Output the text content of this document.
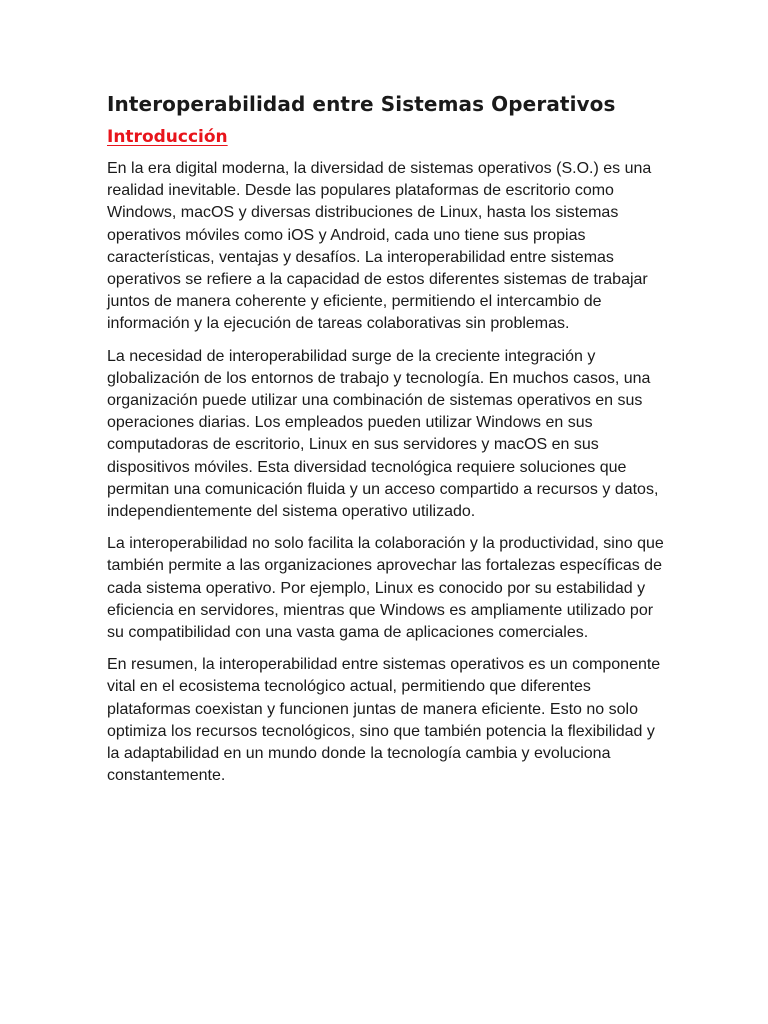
Interoperabilidad entre Sistemas Operativos
Introducción

En la era digital moderna, la diversidad de sistemas operativos (S.O.) es una realidad inevitable. Desde las populares plataformas de escritorio como Windows, macOS y diversas distribuciones de Linux, hasta los sistemas operativos móviles como iOS y Android, cada uno tiene sus propias características, ventajas y desafíos. La interoperabilidad entre sistemas operativos se refiere a la capacidad de estos diferentes sistemas de trabajar juntos de manera coherente y eficiente, permitiendo el intercambio de información y la ejecución de tareas colaborativas sin problemas.

La necesidad de interoperabilidad surge de la creciente integración y globalización de los entornos de trabajo y tecnología. En muchos casos, una organización puede utilizar una combinación de sistemas operativos en sus operaciones diarias. Los empleados pueden utilizar Windows en sus computadoras de escritorio, Linux en sus servidores y macOS en sus dispositivos móviles. Esta diversidad tecnológica requiere soluciones que permitan una comunicación fluida y un acceso compartido a recursos y datos, independientemente del sistema operativo utilizado.

La interoperabilidad no solo facilita la colaboración y la productividad, sino que también permite a las organizaciones aprovechar las fortalezas específicas de cada sistema operativo. Por ejemplo, Linux es conocido por su estabilidad y eficiencia en servidores, mientras que Windows es ampliamente utilizado por su compatibilidad con una vasta gama de aplicaciones comerciales.

En resumen, la interoperabilidad entre sistemas operativos es un componente vital en el ecosistema tecnológico actual, permitiendo que diferentes plataformas coexistan y funcionen juntas de manera eficiente. Esto no solo optimiza los recursos tecnológicos, sino que también potencia la flexibilidad y la adaptabilidad en un mundo donde la tecnología cambia y evoluciona constantemente.
